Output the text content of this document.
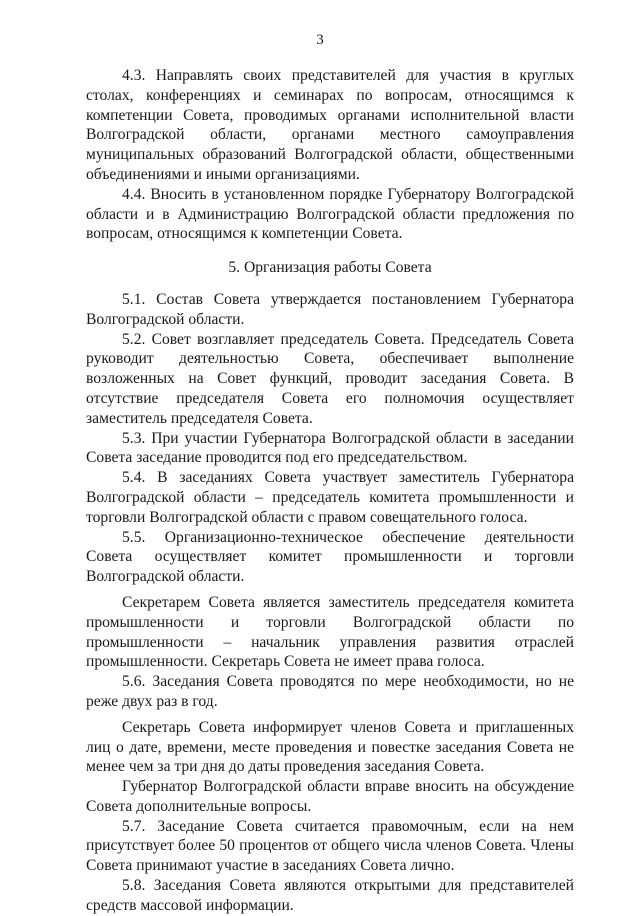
3

4.3. Направлять своих представителей для участия в круглых столах, конференциях и семинарах по вопросам, относящимся к компетенции Совета, проводимых органами исполнительной власти Волгоградской области, органами местного самоуправления муниципальных образований Волгоградской области, общественными объединениями и иными организациями.

4.4. Вносить в установленном порядке Губернатору Волгоградской области и в Администрацию Волгоградской области предложения по вопросам, относящимся к компетенции Совета.

5. Организация работы Совета

5.1. Состав Совета утверждается постановлением Губернатора Волгоградской области.

5.2. Совет возглавляет председатель Совета. Председатель Совета руководит деятельностью Совета, обеспечивает выполнение возложенных на Совет функций, проводит заседания Совета. В отсутствие председателя Совета его полномочия осуществляет заместитель председателя Совета.

5.3. При участии Губернатора Волгоградской области в заседании Совета заседание проводится под его председательством.

5.4. В заседаниях Совета участвует заместитель Губернатора Волгоградской области – председатель комитета промышленности и торговли Волгоградской области с правом совещательного голоса.

5.5. Организационно-техническое обеспечение деятельности Совета осуществляет комитет промышленности и торговли Волгоградской области.

Секретарем Совета является заместитель председателя комитета промышленности и торговли Волгоградской области по промышленности – начальник управления развития отраслей промышленности. Секретарь Совета не имеет права голоса.

5.6. Заседания Совета проводятся по мере необходимости, но не реже двух раз в год.

Секретарь Совета информирует членов Совета и приглашенных лиц о дате, времени, месте проведения и повестке заседания Совета не менее чем за три дня до даты проведения заседания Совета.

Губернатор Волгоградской области вправе вносить на обсуждение Совета дополнительные вопросы.

5.7. Заседание Совета считается правомочным, если на нем присутствует более 50 процентов от общего числа членов Совета. Члены Совета принимают участие в заседаниях Совета лично.

5.8. Заседания Совета являются открытыми для представителей средств массовой информации.
